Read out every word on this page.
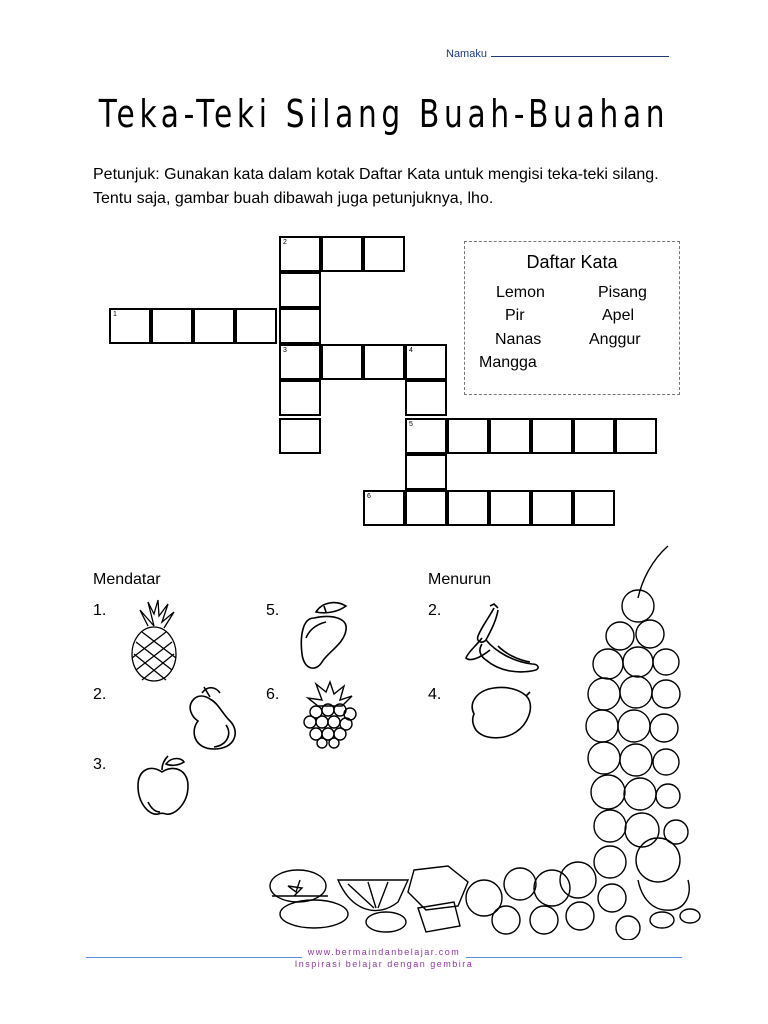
Namaku
Teka-Teki Silang Buah-Buahan
Petunjuk: Gunakan kata dalam kotak Daftar Kata untuk mengisi teka-teki silang. Tentu saja, gambar buah dibawah juga petunjuknya, lho.
2
1
3	4
5
6
Daftar Kata
Lemon	Pisang
Pir	Apel
Nanas	Anggur
Mangga
Mendatar	Menurun
1.
2.
3.
5.
6.
2.
4.
www.bermaindanbelajar.com
Inspirasi belajar dengan gembira
